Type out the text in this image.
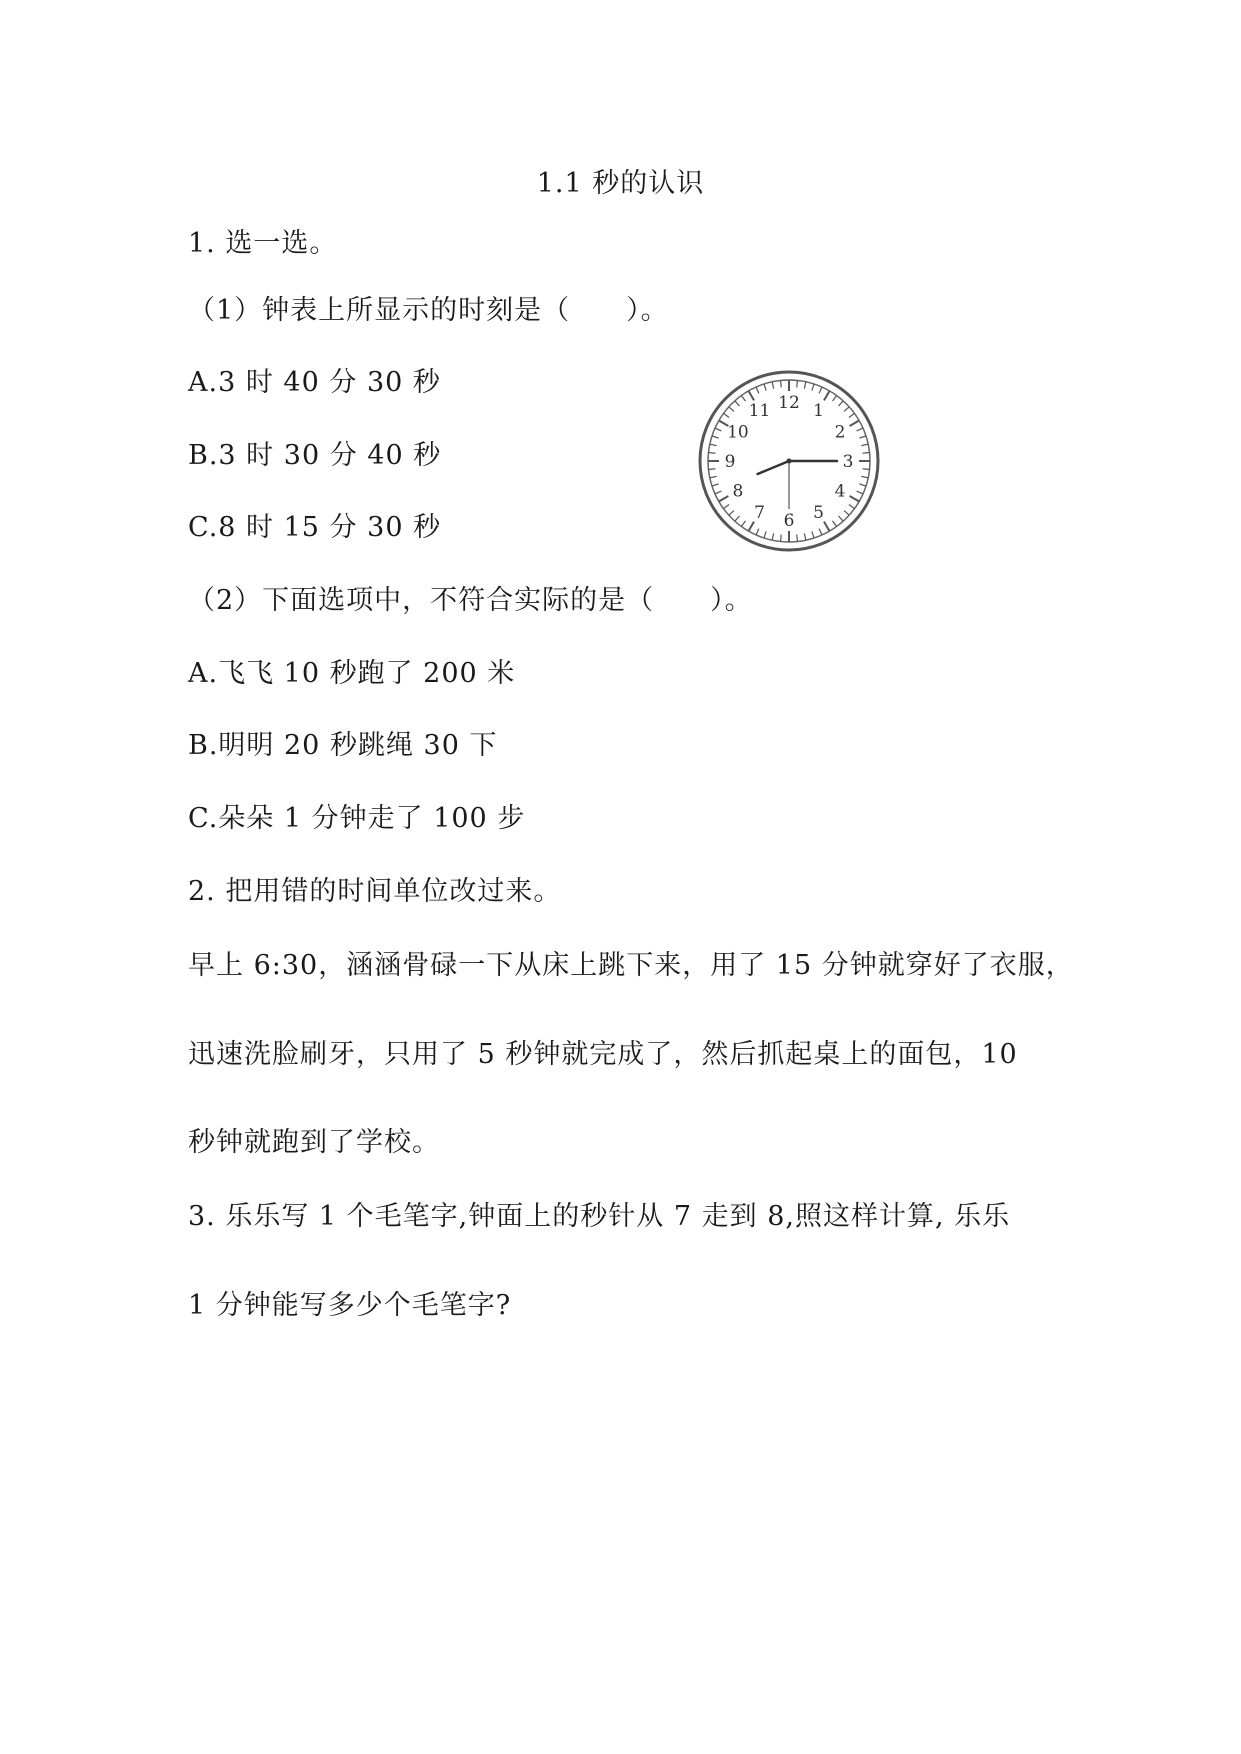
1.1 秒的认识
1. 选一选。
（1）钟表上所显示的时刻是（　　）。
A.3 时 40 分 30 秒
B.3 时 30 分 40 秒
C.8 时 15 分 30 秒
12 1
2
3
4
5
6
7
8
9
10
11
（2）下面选项中，不符合实际的是（　　）。
A.飞飞 10 秒跑了 200 米
B.明明 20 秒跳绳 30 下
C.朵朵 1 分钟走了 100 步
2. 把用错的时间单位改过来。
早上 6:30，涵涵骨碌一下从床上跳下来，用了 15 分钟就穿好了衣服，
迅速洗脸刷牙，只用了 5 秒钟就完成了，然后抓起桌上的面包，10
秒钟就跑到了学校。
3. 乐乐写 1 个毛笔字,钟面上的秒针从 7 走到 8,照这样计算, 乐乐
1 分钟能写多少个毛笔字?
